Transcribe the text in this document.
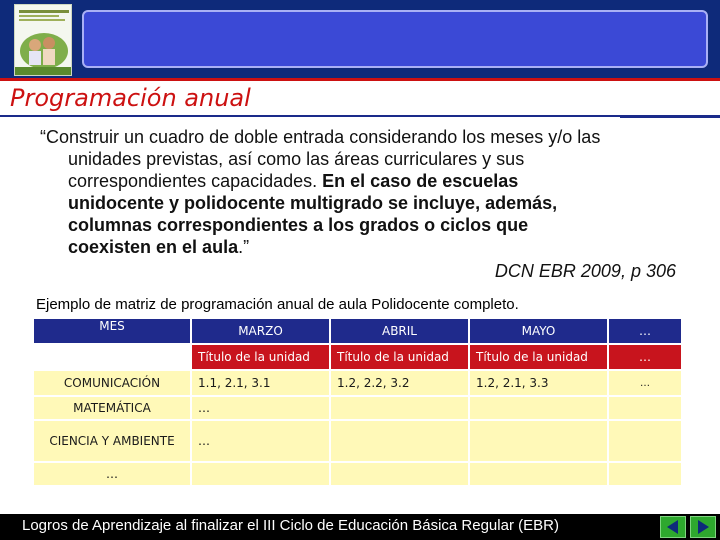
Programación anual
“Construir un cuadro de doble entrada considerando los meses y/o las
unidades previstas, así como las áreas curriculares y sus
correspondientes capacidades. En el caso de escuelas
unidocente y polidocente multigrado se incluye, además,
columnas correspondientes a los grados o ciclos que
coexisten en el aula.”
DCN EBR 2009, p 306
Ejemplo de matriz de programación anual de aula Polidocente completo.
MES	MARZO	ABRIL	MAYO	…
	Título de la unidad	Título de la unidad	Título de la unidad	…
COMUNICACIÓN	1.1, 2.1, 3.1	1.2, 2.2, 3.2	1.2, 2.1, 3.3	…
MATEMÁTICA	…			
CIENCIA Y AMBIENTE	…			
…				
Logros de Aprendizaje al finalizar el III Ciclo de Educación Básica Regular (EBR)
